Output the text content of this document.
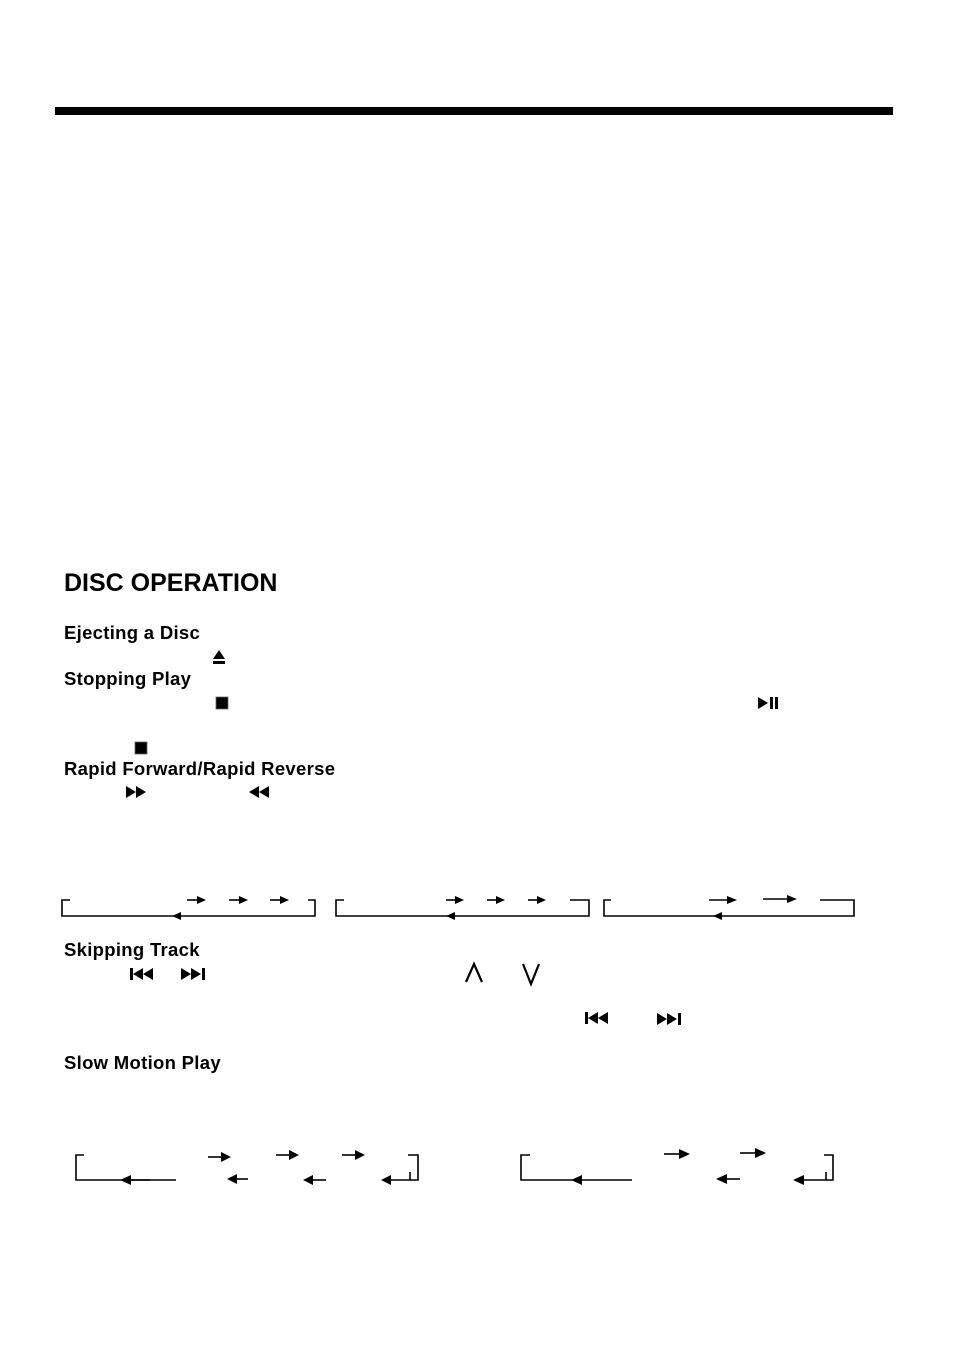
DISC OPERATION
Ejecting a Disc
Stopping Play
Rapid Forward/Rapid Reverse
Skipping Track
Slow Motion Play
